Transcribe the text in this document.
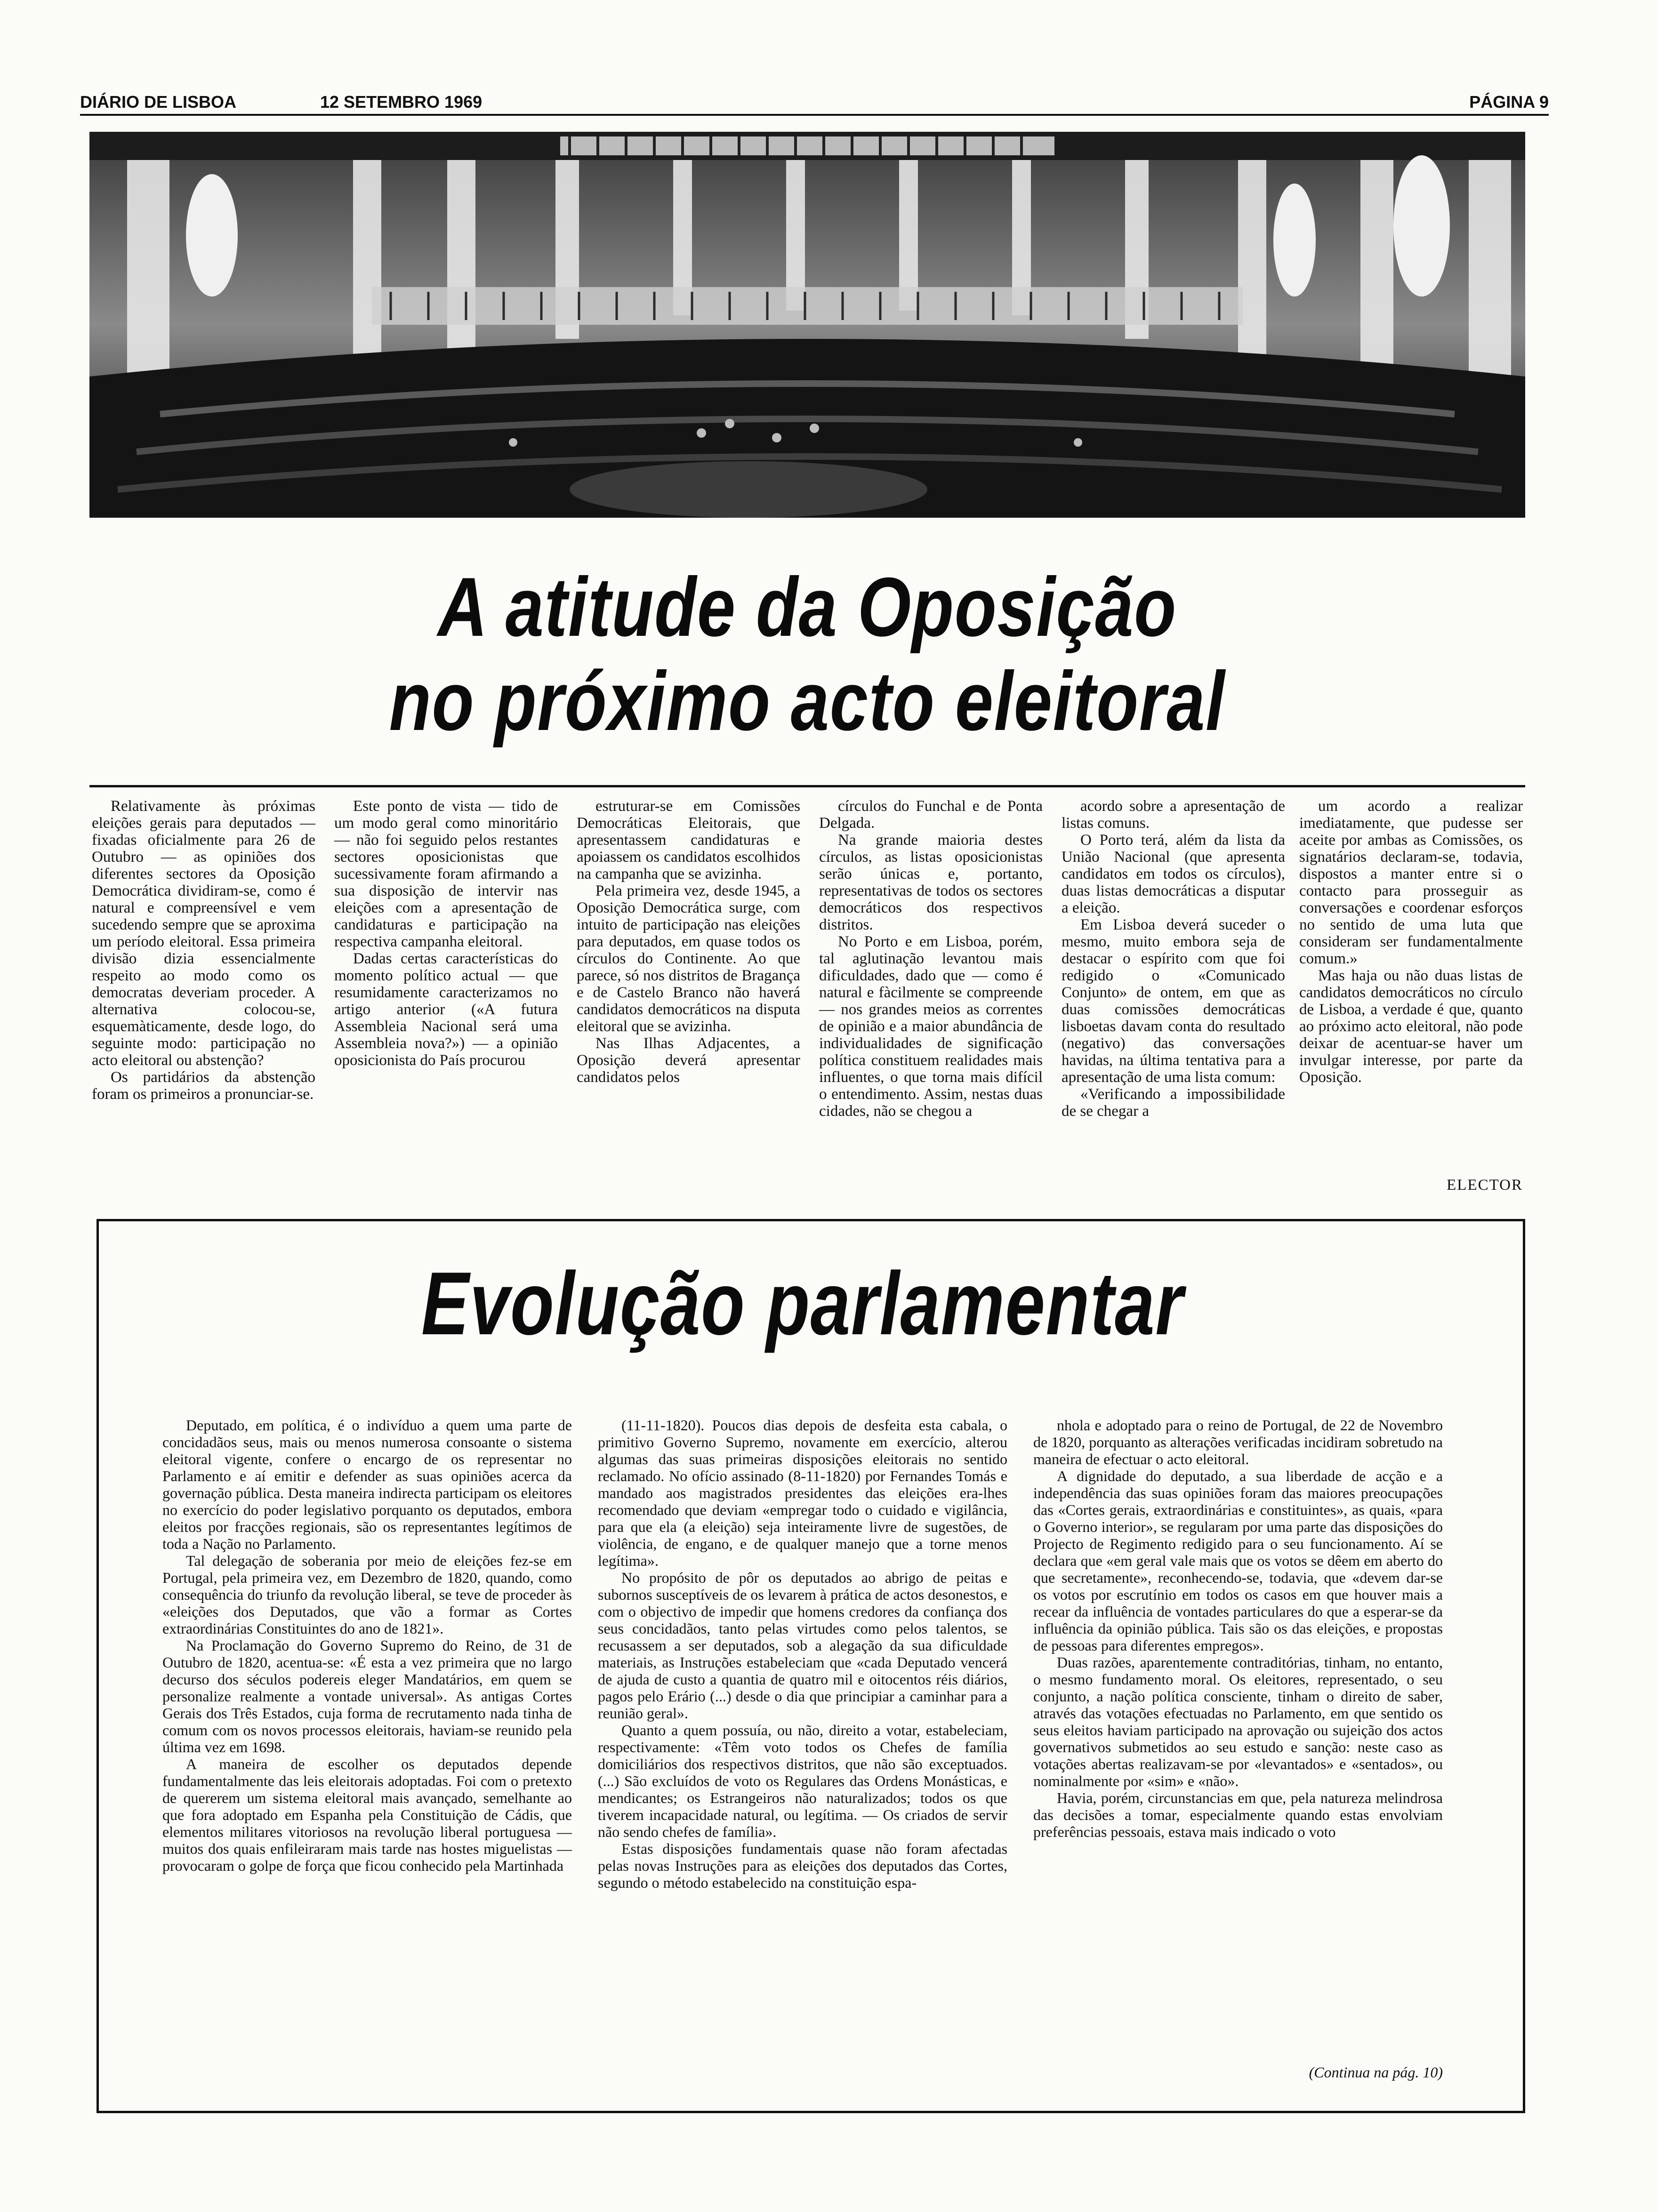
DIÁRIO DE LISBOA	12 SETEMBRO 1969	PÁGINA 9
A atitude da Oposição
no próximo acto eleitoral

Relativamente às próximas eleições gerais para deputados — fixadas oficialmente para 26 de Outubro — as opiniões dos diferentes sectores da Oposição Democrática dividiram-se, como é natural e compreensível e vem sucedendo sempre que se aproxima um período eleitoral. Essa primeira divisão dizia essencialmente respeito ao modo como os democratas deveriam proceder. A alternativa colocou-se, esquemàticamente, desde logo, do seguinte modo: participação no acto eleitoral ou abstenção?

Os partidários da abstenção foram os primeiros a pronunciar-se.

Este ponto de vista — tido de um modo geral como minoritário — não foi seguido pelos restantes sectores oposicionistas que sucessivamente foram afirmando a sua disposição de intervir nas eleições com a apresentação de candidaturas e participação na respectiva campanha eleitoral.

Dadas certas características do momento político actual — que resumidamente caracterizamos no artigo anterior («A futura Assembleia Nacional será uma Assembleia nova?») — a opinião oposicionista do País procurou

estruturar-se em Comissões Democráticas Eleitorais, que apresentassem candidaturas e apoiassem os candidatos escolhidos na campanha que se avizinha.

Pela primeira vez, desde 1945, a Oposição Democrática surge, com intuito de participação nas eleições para deputados, em quase todos os círculos do Continente. Ao que parece, só nos distritos de Bragança e de Castelo Branco não haverá candidatos democráticos na disputa eleitoral que se avizinha.

Nas Ilhas Adjacentes, a Oposição deverá apresentar candidatos pelos

círculos do Funchal e de Ponta Delgada.

Na grande maioria destes círculos, as listas oposicionistas serão únicas e, portanto, representativas de todos os sectores democráticos dos respectivos distritos.

No Porto e em Lisboa, porém, tal aglutinação levantou mais dificuldades, dado que — como é natural e fàcilmente se compreende — nos grandes meios as correntes de opinião e a maior abundância de individualidades de significação política constituem realidades mais influentes, o que torna mais difícil o entendimento. Assim, nestas duas cidades, não se chegou a

acordo sobre a apresentação de listas comuns.

O Porto terá, além da lista da União Nacional (que apresenta candidatos em todos os círculos), duas listas democráticas a disputar a eleição.

Em Lisboa deverá suceder o mesmo, muito embora seja de destacar o espírito com que foi redigido o «Comunicado Conjunto» de ontem, em que as duas comissões democráticas lisboetas davam conta do resultado (negativo) das conversações havidas, na última tentativa para a apresentação de uma lista comum:

«Verificando a impossibilidade de se chegar a

um acordo a realizar imediatamente, que pudesse ser aceite por ambas as Comissões, os signatários declaram-se, todavia, dispostos a manter entre si o contacto para prosseguir as conversações e coordenar esforços no sentido de uma luta que consideram ser fundamentalmente comum.»

Mas haja ou não duas listas de candidatos democráticos no círculo de Lisboa, a verdade é que, quanto ao próximo acto eleitoral, não pode deixar de acentuar-se haver um invulgar interesse, por parte da Oposição.

ELECTOR
Evolução parlamentar

Deputado, em política, é o indivíduo a quem uma parte de concidadãos seus, mais ou menos numerosa consoante o sistema eleitoral vigente, confere o encargo de os representar no Parlamento e aí emitir e defender as suas opiniões acerca da governação pública. Desta maneira indirecta participam os eleitores no exercício do poder legislativo porquanto os deputados, embora eleitos por fracções regionais, são os representantes legítimos de toda a Nação no Parlamento.

Tal delegação de soberania por meio de eleições fez-se em Portugal, pela primeira vez, em Dezembro de 1820, quando, como consequência do triunfo da revolução liberal, se teve de proceder às «eleições dos Deputados, que vão a formar as Cortes extraordinárias Constituintes do ano de 1821».

Na Proclamação do Governo Supremo do Reino, de 31 de Outubro de 1820, acentua-se: «É esta a vez primeira que no largo decurso dos séculos podereis eleger Mandatários, em quem se personalize realmente a vontade universal». As antigas Cortes Gerais dos Três Estados, cuja forma de recrutamento nada tinha de comum com os novos processos eleitorais, haviam-se reunido pela última vez em 1698.

A maneira de escolher os deputados depende fundamentalmente das leis eleitorais adoptadas. Foi com o pretexto de quererem um sistema eleitoral mais avançado, semelhante ao que fora adoptado em Espanha pela Constituição de Cádis, que elementos militares vitoriosos na revolução liberal portuguesa — muitos dos quais enfileiraram mais tarde nas hostes miguelistas — provocaram o golpe de força que ficou conhecido pela Martinhada

(11-11-1820). Poucos dias depois de desfeita esta cabala, o primitivo Governo Supremo, novamente em exercício, alterou algumas das suas primeiras disposições eleitorais no sentido reclamado. No ofício assinado (8-11-1820) por Fernandes Tomás e mandado aos magistrados presidentes das eleições era-lhes recomendado que deviam «empregar todo o cuidado e vigilância, para que ela (a eleição) seja inteiramente livre de sugestões, de violência, de engano, e de qualquer manejo que a torne menos legítima».

No propósito de pôr os deputados ao abrigo de peitas e subornos susceptíveis de os levarem à prática de actos desonestos, e com o objectivo de impedir que homens credores da confiança dos seus concidadãos, tanto pelas virtudes como pelos talentos, se recusassem a ser deputados, sob a alegação da sua dificuldade materiais, as Instruções estabeleciam que «cada Deputado vencerá de ajuda de custo a quantia de quatro mil e oitocentos réis diários, pagos pelo Erário (...) desde o dia que principiar a caminhar para a reunião geral».

Quanto a quem possuía, ou não, direito a votar, estabeleciam, respectivamente: «Têm voto todos os Chefes de família domiciliários dos respectivos distritos, que não são exceptuados. (...) São excluídos de voto os Regulares das Ordens Monásticas, e mendicantes; os Estrangeiros não naturalizados; todos os que tiverem incapacidade natural, ou legítima. — Os criados de servir não sendo chefes de família».

Estas disposições fundamentais quase não foram afectadas pelas novas Instruções para as eleições dos deputados das Cortes, segundo o método estabelecido na constituição espa-

nhola e adoptado para o reino de Portugal, de 22 de Novembro de 1820, porquanto as alterações verificadas incidiram sobretudo na maneira de efectuar o acto eleitoral.

A dignidade do deputado, a sua liberdade de acção e a independência das suas opiniões foram das maiores preocupações das «Cortes gerais, extraordinárias e constituintes», as quais, «para o Governo interior», se regularam por uma parte das disposições do Projecto de Regimento redigido para o seu funcionamento. Aí se declara que «em geral vale mais que os votos se dêem em aberto do que secretamente», reconhecendo-se, todavia, que «devem dar-se os votos por escrutínio em todos os casos em que houver mais a recear da influência de vontades particulares do que a esperar-se da influência da opinião pública. Tais são os das eleições, e propostas de pessoas para diferentes empregos».

Duas razões, aparentemente contraditórias, tinham, no entanto, o mesmo fundamento moral. Os eleitores, representado, o seu conjunto, a nação política consciente, tinham o direito de saber, através das votações efectuadas no Parlamento, em que sentido os seus eleitos haviam participado na aprovação ou sujeição dos actos governativos submetidos ao seu estudo e sanção: neste caso as votações abertas realizavam-se por «levantados» e «sentados», ou nominalmente por «sim» e «não».

Havia, porém, circunstancias em que, pela natureza melindrosa das decisões a tomar, especialmente quando estas envolviam preferências pessoais, estava mais indicado o voto

(Continua na pág. 10)
